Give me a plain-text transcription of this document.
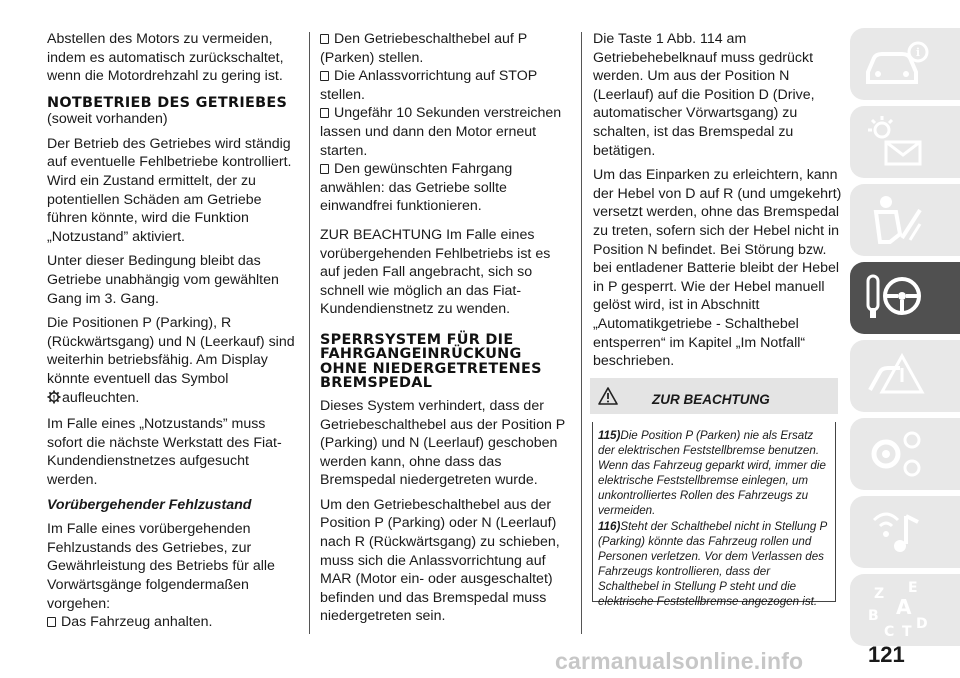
Abstellen des Motors zu vermeiden, indem es automatisch zurückschaltet, wenn die Motordrehzahl zu gering ist.

NOTBETRIEB DES GETRIEBES

(soweit vorhanden)

Der Betrieb des Getriebes wird ständig auf eventuelle Fehlbetriebe kontrolliert. Wird ein Zustand ermittelt, der zu potentiellen Schäden am Getriebe führen könnte, wird die Funktion „Notzustand” aktiviert.

Unter dieser Bedingung bleibt das Getriebe unabhängig vom gewählten Gang im 3. Gang.

Die Positionen P (Parking), R (Rückwärtsgang) und N (Leerkauf) sind weiterhin betriebsfähig. Am Display könnte eventuell das Symbol

! aufleuchten.

Im Falle eines „Notzustands” muss sofort die nächste Werkstatt des Fiat-Kundendienstnetzes aufgesucht werden.

Vorübergehender Fehlzustand

Im Falle eines vorübergehenden Fehlzustands des Getriebes, zur Gewährleistung des Betriebs für alle Vorwärtsgänge folgendermaßen vorgehen:

Das Fahrzeug anhalten.

Den Getriebeschalthebel auf P (Parken) stellen.

Die Anlassvorrichtung auf STOP stellen.

Ungefähr 10 Sekunden verstreichen lassen und dann den Motor erneut starten.

Den gewünschten Fahrgang anwählen: das Getriebe sollte einwandfrei funktionieren.

ZUR BEACHTUNG Im Falle eines vorübergehenden Fehlbetriebs ist es auf jeden Fall angebracht, sich so schnell wie möglich an das Fiat-Kundendienstnetz zu wenden.

SPERRSYSTEM FÜR DIE FAHRGANGEINRÜCKUNG OHNE NIEDERGETRETENES BREMSPEDAL

Dieses System verhindert, dass der Getriebeschalthebel aus der Position P (Parking) und N (Leerlauf) geschoben werden kann, ohne dass das Bremspedal niedergetreten wurde.

Um den Getriebeschalthebel aus der Position P (Parking) oder N (Leerlauf) nach R (Rückwärtsgang) zu schieben, muss sich die Anlassvorrichtung auf MAR (Motor ein- oder ausgeschaltet) befinden und das Bremspedal muss niedergetreten sein.

Die Taste 1 Abb. 114 am Getriebehebelknauf muss gedrückt werden. Um aus der Position N (Leerlauf) auf die Position D (Drive, automatischer Vörwartsgang) zu schalten, ist das Bremspedal zu betätigen.

Um das Einparken zu erleichtern, kann der Hebel von D auf R (und umgekehrt) versetzt werden, ohne das Bremspedal zu treten, sofern sich der Hebel nicht in Position N befindet. Bei Störung bzw. bei entladener Batterie bleibt der Hebel in P gesperrt. Wie der Hebel manuell gelöst wird, ist in Abschnitt „Automatikgetriebe - Schalthebel entsperren“ im Kapitel „Im Notfall“ beschrieben.

ZUR BEACHTUNG
115)Die Position P (Parken) nie als Ersatz der elektrischen Feststellbremse benutzen. Wenn das Fahrzeug geparkt wird, immer die elektrische Feststellbremse einlegen, um unkontrolliertes Rollen des Fahrzeugs zu vermeiden.
116)Steht der Schalthebel nicht in Stellung P (Parking) könnte das Fahrzeug rollen und Personen verletzen. Vor dem Verlassen des Fahrzeugs kontrollieren, dass der Schalthebel in Stellung P steht und die elektrische Feststellbremse angezogen ist.
i
Z E
B A
C T D
carmanualsonline.info	121
